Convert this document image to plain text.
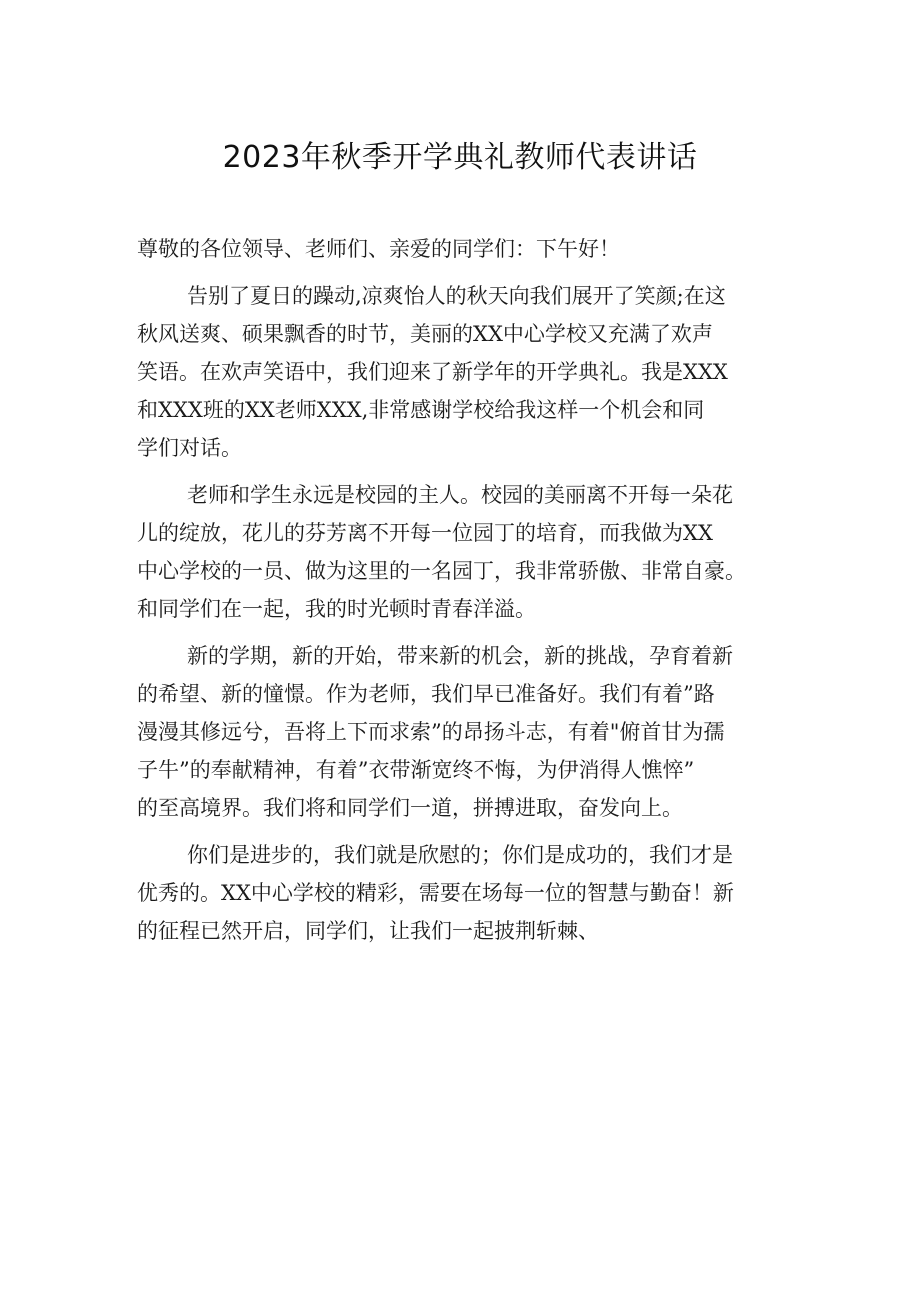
2023年秋季开学典礼教师代表讲话
尊敬的各位领导、老师们、亲爱的同学们：下午好！
告别了夏日的躁动,凉爽怡人的秋天向我们展开了笑颜;在这
秋风送爽、硕果飘香的时节，美丽的XX中心学校又充满了欢声
笑语。在欢声笑语中，我们迎来了新学年的开学典礼。我是XXX
和XXX班的XX老师XXX,非常感谢学校给我这样一个机会和同
学们对话。
老师和学生永远是校园的主人。校园的美丽离不开每一朵花
儿的绽放，花儿的芬芳离不开每一位园丁的培育，而我做为XX
中心学校的一员、做为这里的一名园丁，我非常骄傲、非常自豪。
和同学们在一起，我的时光顿时青春洋溢。
新的学期，新的开始，带来新的机会，新的挑战，孕育着新
的希望、新的憧憬。作为老师，我们早已准备好。我们有着”路
漫漫其修远兮，吾将上下而求索”的昂扬斗志，有着"俯首甘为孺
子牛”的奉献精神，有着”衣带渐宽终不悔，为伊消得人憔悴”
的至高境界。我们将和同学们一道，拼搏进取，奋发向上。
你们是进步的，我们就是欣慰的；你们是成功的，我们才是
优秀的。XX中心学校的精彩，需要在场每一位的智慧与勤奋！新
的征程已然开启，同学们，让我们一起披荆斩棘、
